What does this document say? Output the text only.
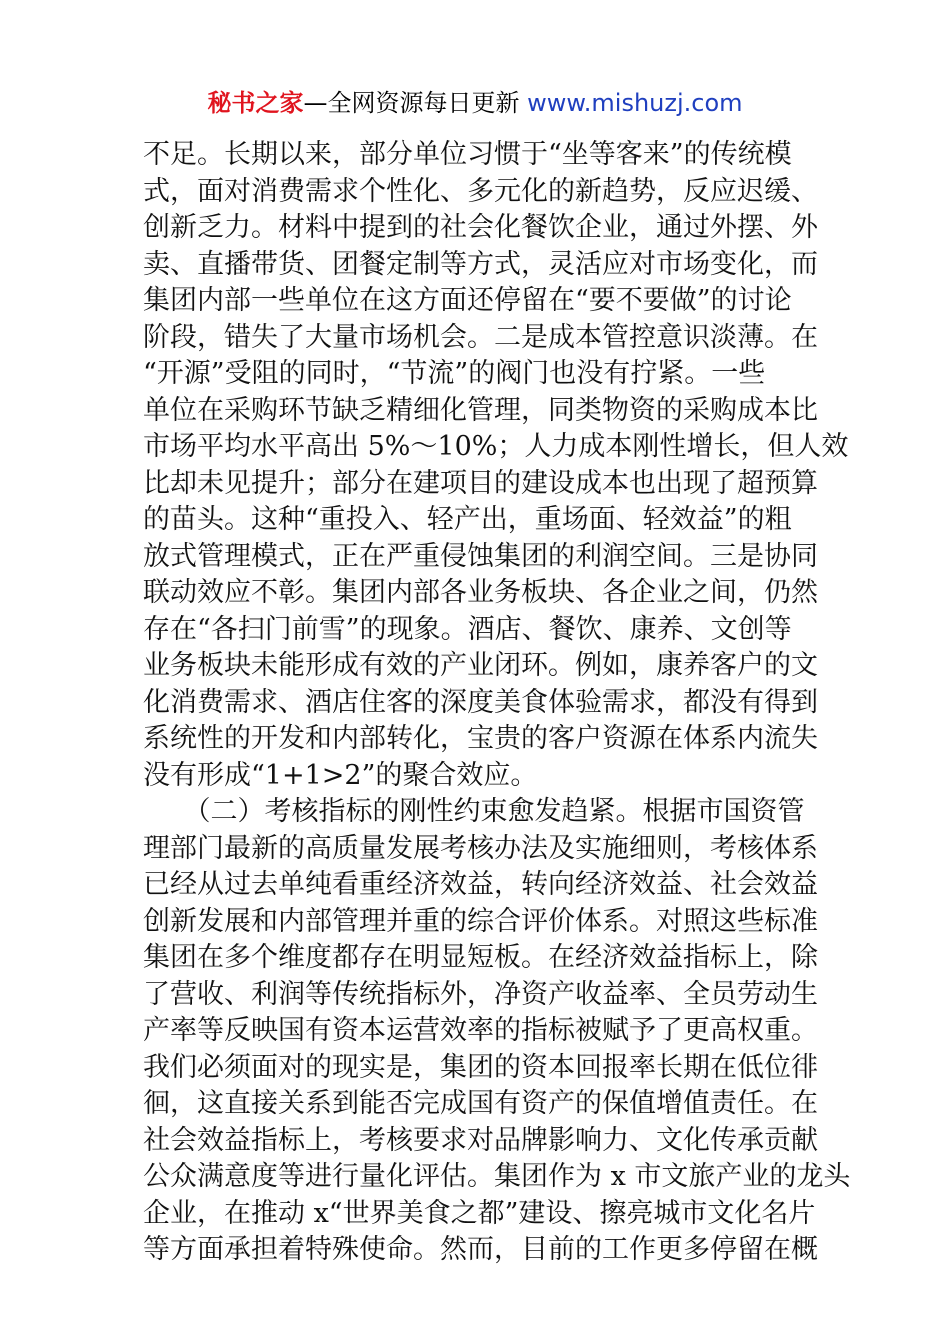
秘书之家—全网资源每日更新 www.mishuzj.com
不足。长期以来，部分单位习惯于“坐等客来”的传统模
式，面对消费需求个性化、多元化的新趋势，反应迟缓、
创新乏力。材料中提到的社会化餐饮企业，通过外摆、外
卖、直播带货、团餐定制等方式，灵活应对市场变化，而
集团内部一些单位在这方面还停留在“要不要做”的讨论
阶段，错失了大量市场机会。二是成本管控意识淡薄。在
“开源”受阻的同时，“节流”的阀门也没有拧紧。一些
单位在采购环节缺乏精细化管理，同类物资的采购成本比
市场平均水平高出 5%～10%；人力成本刚性增长，但人效
比却未见提升；部分在建项目的建设成本也出现了超预算
的苗头。这种“重投入、轻产出，重场面、轻效益”的粗
放式管理模式，正在严重侵蚀集团的利润空间。三是协同
联动效应不彰。集团内部各业务板块、各企业之间，仍然
存在“各扫门前雪”的现象。酒店、餐饮、康养、文创等
业务板块未能形成有效的产业闭环。例如，康养客户的文
化消费需求、酒店住客的深度美食体验需求，都没有得到
系统性的开发和内部转化，宝贵的客户资源在体系内流失
没有形成“1+1>2”的聚合效应。
　　（二）考核指标的刚性约束愈发趋紧。根据市国资管
理部门最新的高质量发展考核办法及实施细则，考核体系
已经从过去单纯看重经济效益，转向经济效益、社会效益
创新发展和内部管理并重的综合评价体系。对照这些标准
集团在多个维度都存在明显短板。在经济效益指标上，除
了营收、利润等传统指标外，净资产收益率、全员劳动生
产率等反映国有资本运营效率的指标被赋予了更高权重。
我们必须面对的现实是，集团的资本回报率长期在低位徘
徊，这直接关系到能否完成国有资产的保值增值责任。在
社会效益指标上，考核要求对品牌影响力、文化传承贡献
公众满意度等进行量化评估。集团作为 x 市文旅产业的龙头
企业，在推动 x“世界美食之都”建设、擦亮城市文化名片
等方面承担着特殊使命。然而，目前的工作更多停留在概
